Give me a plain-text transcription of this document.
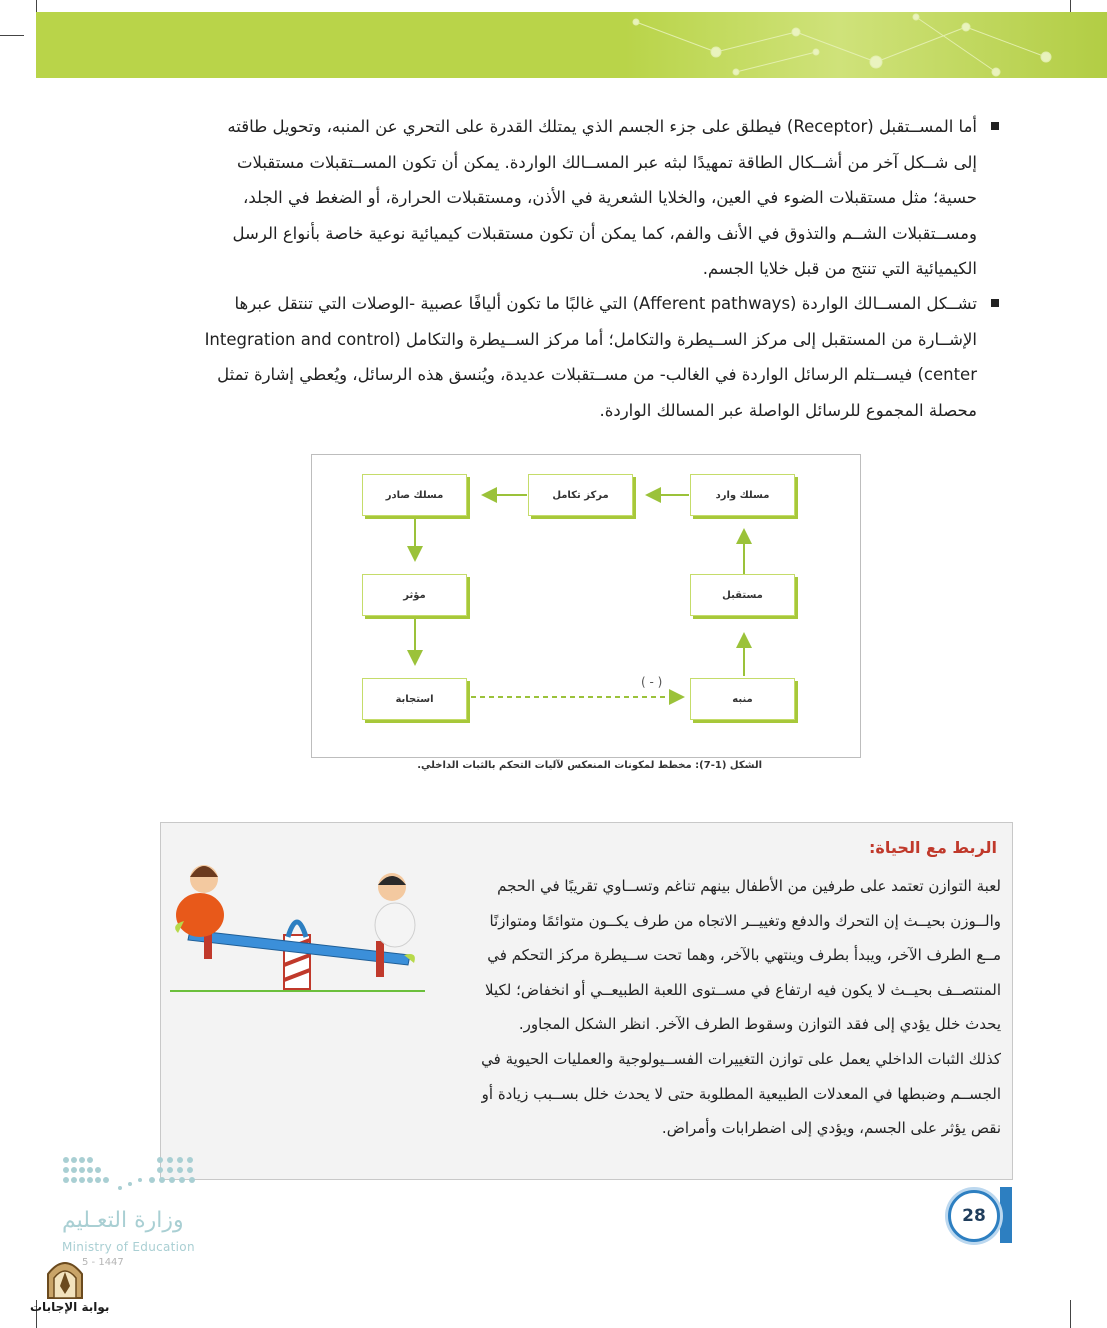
أما المســتقبل (Receptor) فيطلق على جزء الجسم الذي يمتلك القدرة على التحري عن المنبه، وتحويل طاقته

إلى شــكل آخر من أشــكال الطاقة تمهيدًا لبثه عبر المســالك الواردة. يمكن أن تكون المســتقبلات مستقبلات

حسية؛ مثل مستقبلات الضوء في العين، والخلايا الشعرية في الأذن، ومستقبلات الحرارة، أو الضغط في الجلد،

ومســتقبلات الشــم والتذوق في الأنف والفم، كما يمكن أن تكون مستقبلات كيميائية نوعية خاصة بأنواع الرسل

الكيميائية التي تنتج من قبل خلايا الجسم.

تشــكل المســالك الواردة (Afferent pathways) التي غالبًا ما تكون أليافًا عصبية -الوصلات التي تنتقل عبرها

الإشــارة من المستقبل إلى مركز الســيطرة والتكامل؛ أما مركز الســيطرة والتكامل (Integration and control

center) فيســتلم الرسائل الواردة في الغالب- من مســتقبلات عديدة، ويُنسق هذه الرسائل، ويُعطي إشارة تمثل

محصلة المجموع للرسائل الواصلة عبر المسالك الواردة.

( - )
مسلك صادر	مركز تكامل	مسلك وارد
مؤثر	مستقبل
استجابة	منبه
الشكل (1-7): مخطط لمكونات المنعكس لآليات التحكم بالثبات الداخلي.
الربط مع الحياة:

لعبة التوازن تعتمد على طرفين من الأطفال بينهم تناغم وتســاوي تقريبًا في الحجم

والــوزن بحيــث إن التحرك والدفع وتغييــر الاتجاه من طرف يكــون متوائمًا ومتوازنًا

مــع الطرف الآخر، ويبدأ بطرف وينتهي بالآخر، وهما تحت ســيطرة مركز التحكم في

المنتصــف بحيــث لا يكون فيه ارتفاع في مســتوى اللعبة الطبيعــي أو انخفاض؛ لكيلا

يحدث خلل يؤدي إلى فقد التوازن وسقوط الطرف الآخر. انظر الشكل المجاور.

كذلك الثبات الداخلي يعمل على توازن التغييرات الفســيولوجية والعمليات الحيوية في

الجســم وضبطها في المعدلات الطبيعية المطلوبة حتى لا يحدث خلل بســبب زيادة أو

نقص يؤثر على الجسم، ويؤدي إلى اضطرابات وأمراض.

28
وزارة التعـليم
Ministry of Education
5 - 1447
بوابة الإجابات
